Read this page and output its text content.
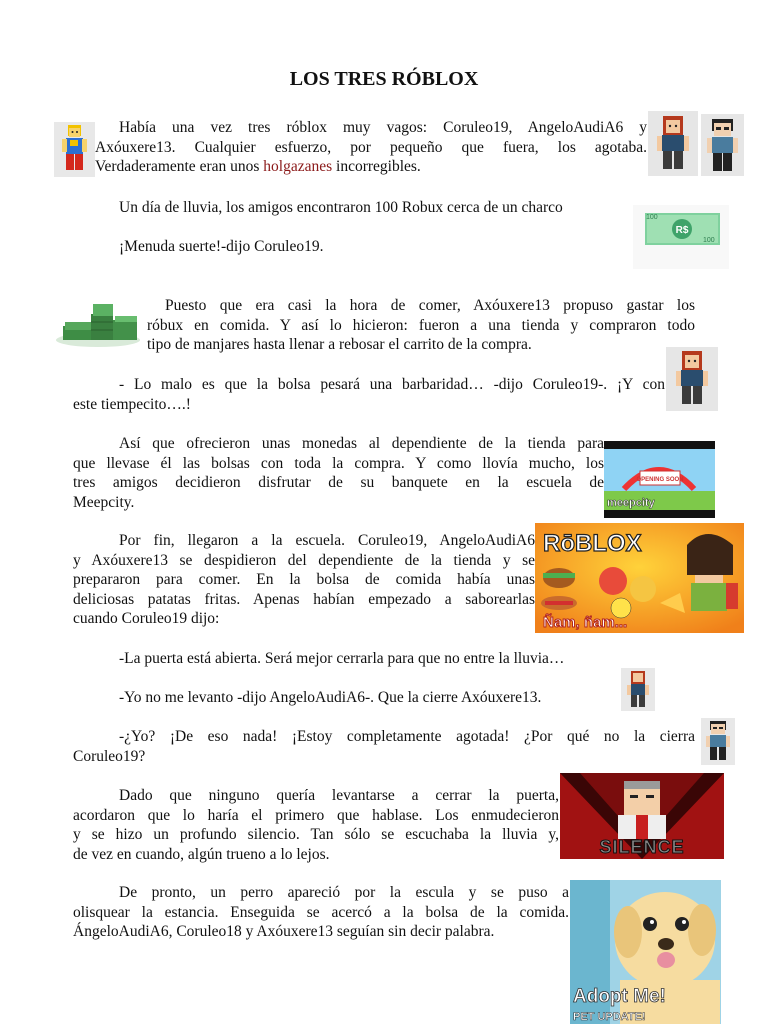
LOS TRES RÓBLOX
Había una vez tres róblox muy vagos: Coruleo19, AngeloAudiA6 y
Axóuxere13. Cualquier esfuerzo, por pequeño que fuera, los agotaba.
Verdaderamente eran unos holgazanes incorregibles.
Un día de lluvia, los amigos encontraron 100 Robux cerca de un charco
¡Menuda suerte!-dijo Coruleo19.
Puesto que era casi la hora de comer, Axóuxere13 propuso gastar los
róbux en comida. Y así lo hicieron: fueron a una tienda y compraron todo
tipo de manjares hasta llenar a rebosar el carrito de la compra.
- Lo malo es que la bolsa pesará una barbaridad… -dijo Coruleo19-. ¡Y con
este tiempecito….!
Así que ofrecieron unas monedas al dependiente de la tienda para
que llevase él las bolsas con toda la compra. Y como llovía mucho, los
tres amigos decidieron disfrutar de su banquete en la escuela de
Meepcity.
Por fin, llegaron a la escuela. Coruleo19, AngeloAudiA6
y Axóuxere13 se despidieron del dependiente de la tienda y se
prepararon para comer. En la bolsa de comida había unas
deliciosas patatas fritas. Apenas habían empezado a saborearlas
cuando Coruleo19 dijo:
-La puerta está abierta. Será mejor cerrarla para que no entre la lluvia…
-Yo no me levanto -dijo AngeloAudiA6-. Que la cierre Axóuxere13.
-¿Yo? ¡De eso nada! ¡Estoy completamente agotada! ¿Por qué no la cierra
Coruleo19?
Dado que ninguno quería levantarse a cerrar la puerta,
acordaron que lo haría el primero que hablase. Los enmudecieron
y se hizo un profundo silencio. Tan sólo se escuchaba la lluvia y,
de vez en cuando, algún trueno a lo lejos.
De pronto, un perro apareció por la escula y se puso a
olisquear la estancia. Enseguida se acercó a la bolsa de la comida.
ÁngeloAudiA6, Coruleo18 y Axóuxere13 seguían sin decir palabra.
R$
100
100
OPENING SOON
meepcity
RōBLOX
Ñam, ñam...
SILENCE
Adopt Me!
PET UPDATE!
